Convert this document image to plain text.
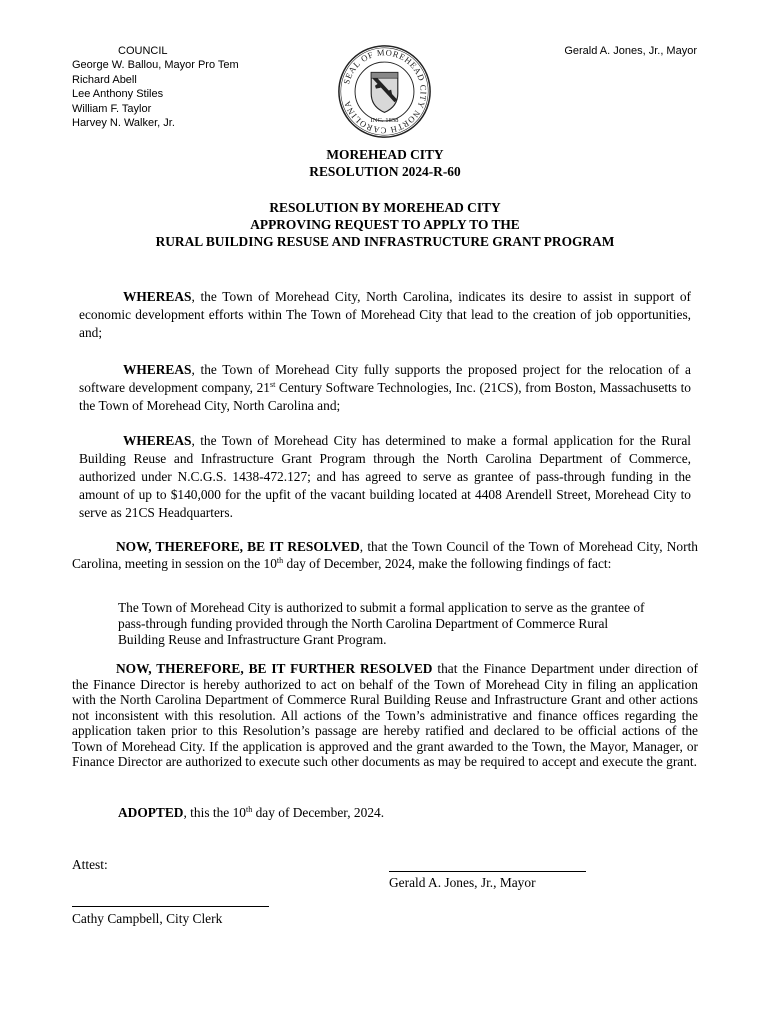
COUNCIL
George W. Ballou, Mayor Pro Tem
Richard Abell
Lee Anthony Stiles
William F. Taylor
Harvey N. Walker, Jr.
SEAL OF MOREHEAD CITY NORTH CAROLINA
INC. 1858
Gerald A. Jones, Jr., Mayor
MOREHEAD CITY
RESOLUTION 2024-R-60
RESOLUTION BY MOREHEAD CITY
APPROVING REQUEST TO APPLY TO THE
RURAL BUILDING RESUSE AND INFRASTRUCTURE GRANT PROGRAM
WHEREAS, the Town of Morehead City, North Carolina, indicates its desire to assist in support of economic development efforts within The Town of Morehead City that lead to the creation of job opportunities, and;
WHEREAS, the Town of Morehead City fully supports the proposed project for the relocation of a software development company, 21st Century Software Technologies, Inc. (21CS), from Boston, Massachusetts to the Town of Morehead City, North Carolina and;
WHEREAS, the Town of Morehead City has determined to make a formal application for the Rural Building Reuse and Infrastructure Grant Program through the North Carolina Department of Commerce, authorized under N.C.G.S. 1438-472.127; and has agreed to serve as grantee of pass-through funding in the amount of up to $140,000 for the upfit of the vacant building located at 4408 Arendell Street, Morehead City to serve as 21CS Headquarters.
NOW, THEREFORE, BE IT RESOLVED, that the Town Council of the Town of Morehead City, North Carolina, meeting in session on the 10th day of December, 2024, make the following findings of fact:
The Town of Morehead City is authorized to submit a formal application to serve as the grantee of pass-through funding provided through the North Carolina Department of Commerce Rural Building Reuse and Infrastructure Grant Program.
NOW, THEREFORE, BE IT FURTHER RESOLVED that the Finance Department under direction of the Finance Director is hereby authorized to act on behalf of the Town of Morehead City in filing an application with the North Carolina Department of Commerce Rural Building Reuse and Infrastructure Grant and other actions not inconsistent with this resolution. All actions of the Town’s administrative and finance offices regarding the application taken prior to this Resolution’s passage are hereby ratified and declared to be official actions of the Town of Morehead City. If the application is approved and the grant awarded to the Town, the Mayor, Manager, or Finance Director are authorized to execute such other documents as may be required to accept and execute the grant.
ADOPTED, this the 10th day of December, 2024.
Attest:
Gerald A. Jones, Jr., Mayor
Cathy Campbell, City Clerk
